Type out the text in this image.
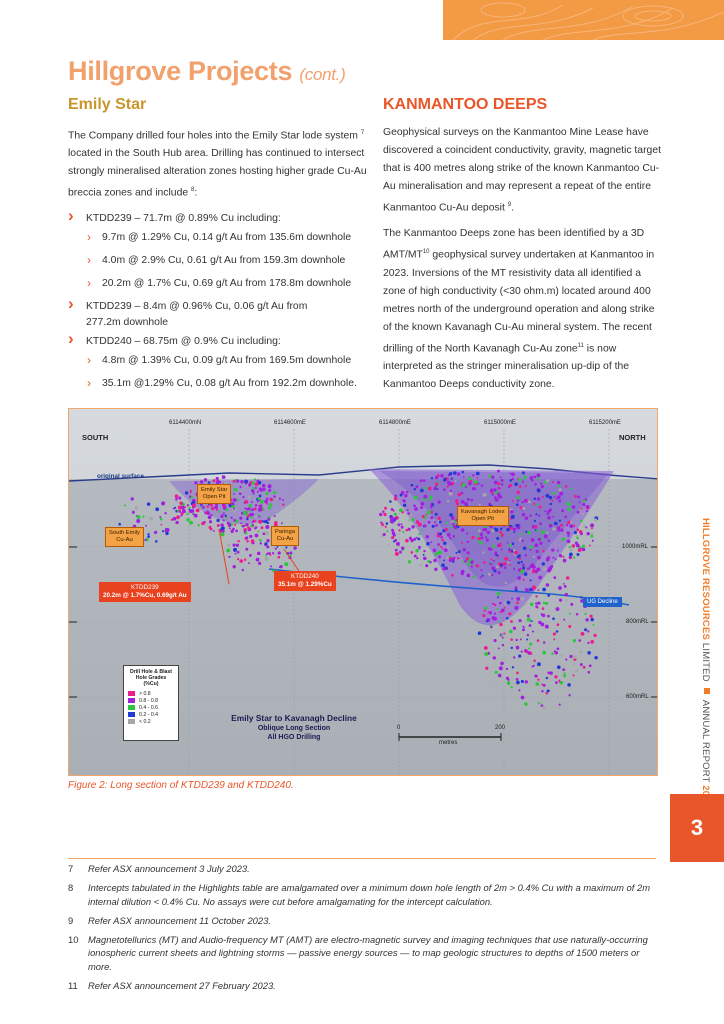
Hillgrove Projects (cont.)
Emily Star
The Company drilled four holes into the Emily Star lode system $^7$ located in the South Hub area. Drilling has continued to intersect strongly mineralised alteration zones hosting higher grade Cu-Au breccia zones and include $^8$:
› KTDD239 – 71.7m @ 0.89% Cu including:
› 9.7m @ 1.29% Cu, 0.14 g/t Au from 135.6m downhole
› 4.0m @ 2.9% Cu, 0.61 g/t Au from 159.3m downhole
› 20.2m @ 1.7% Cu, 0.69 g/t Au from 178.8m downhole
› KTDD239 – 8.4m @ 0.96% Cu, 0.06 g/t Au from 277.2m downhole
› KTDD240 – 68.75m @ 0.9% Cu including:
› 4.8m @ 1.39% Cu, 0.09 g/t Au from 169.5m downhole
› 35.1m @1.29% Cu, 0.08 g/t Au from 192.2m downhole.
KANMANTOO DEEPS
Geophysical surveys on the Kanmantoo Mine Lease have discovered a coincident conductivity, gravity, magnetic target that is 400 metres along strike of the known Kanmantoo Cu-Au mineralisation and may represent a repeat of the entire Kanmantoo Cu-Au deposit $^9$.
The Kanmantoo Deeps zone has been identified by a 3D AMT/MT$^{10}$ geophysical survey undertaken at Kanmantoo in 2023. Inversions of the MT resistivity data all identified a zone of high conductivity (<30 ohm.m) located around 400 metres north of the underground operation and along strike of the known Kavanagh Cu-Au mineral system. The recent drilling of the North Kavanagh Cu-Au zone$^{11}$ is now interpreted as the stringer mineralisation up-dip of the Kanmantoo Deeps conductivity zone.
6114400mN	6114600mE	6114800mE	6115000mE	6115200mE
SOUTH	NORTH
original surface
1000mRL
800mRL
600mRL
Emily Star
Open Pit
South Emily
Cu-Au
Paringa
Cu-Au
Kavanagh Lodes
Open Pit
KTDD239
20.2m @ 1.7%Cu, 0.69g/t Au
KTDD240
35.1m @ 1.29%Cu
UG Decline
Drill Hole & Blast Hole Grades (%Cu)
> 0.8
0.8 - 0.8
0.4 - 0.6
0.2 - 0.4
< 0.2	Emily Star to Kavanagh Decline
Oblique Long Section
All HGO Drilling
0	200
metres
Figure 2: Long section of KTDD239 and KTDD240.
HILLGROVE RESOURCES LIMITEDANNUAL REPORT
3
7 Refer ASX announcement 3 July 2023.
8 Intercepts tabulated in the Highlights table are amalgamated over a minimum down hole length of 2m > 0.4% Cu with a maximum of 2m internal dilution < 0.4% Cu. No assays were cut before amalgamating for the intercept calculation.
9 Refer ASX announcement 11 October 2023.
10 Magnetotellurics (MT) and Audio-frequency MT (AMT) are electro-magnetic survey and imaging techniques that use naturally-occurring ionospheric current sheets and lightning storms — passive energy sources — to map geologic structures to depths of 1500 meters or more.
11 Refer ASX announcement 27 February 2023.
